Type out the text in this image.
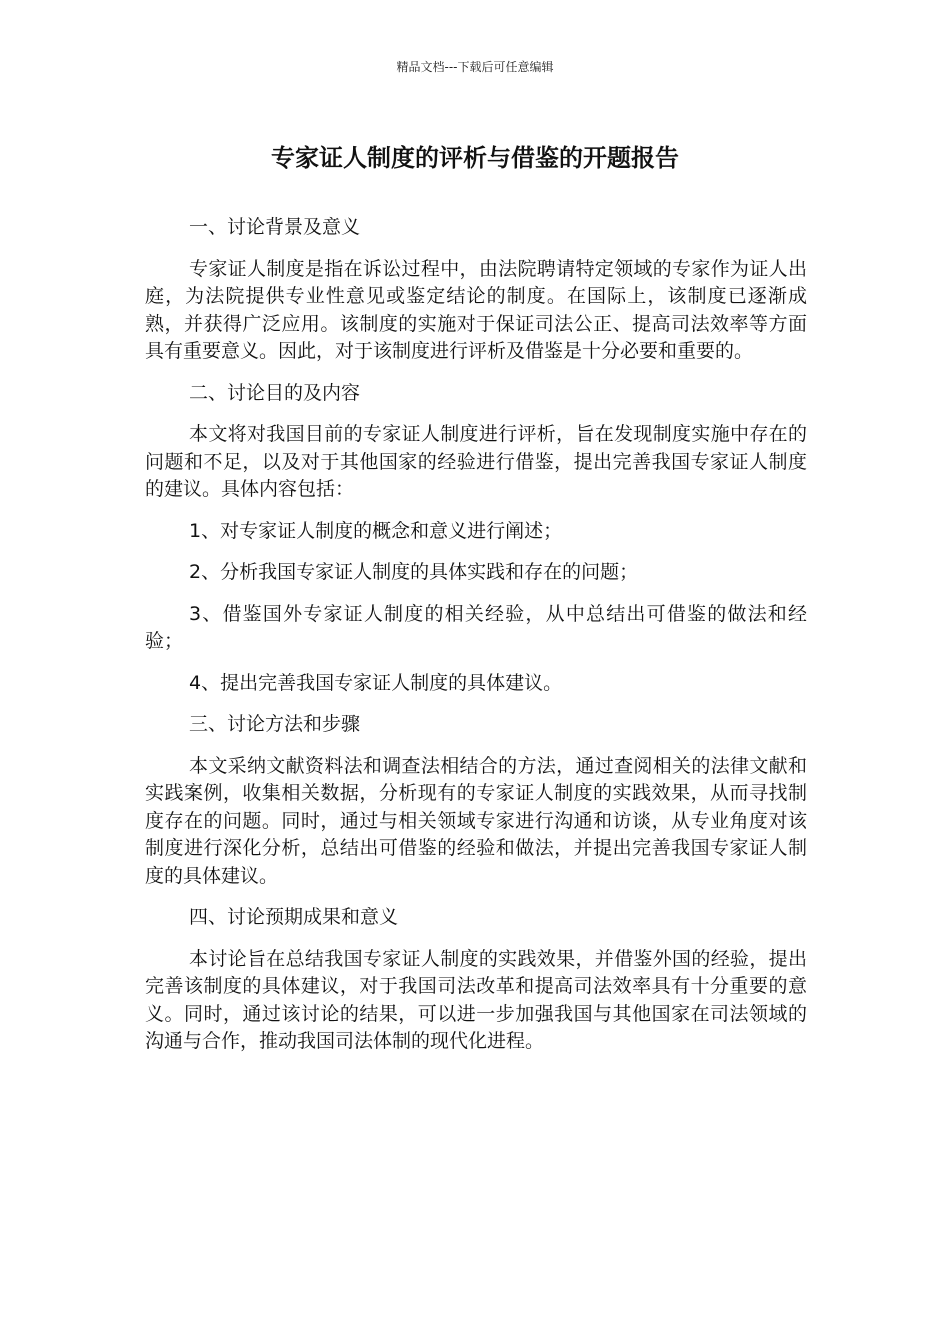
精品文档---下载后可任意编辑
专家证人制度的评析与借鉴的开题报告

一、讨论背景及意义

专家证人制度是指在诉讼过程中，由法院聘请特定领域的专家作为证人出庭，为法院提供专业性意见或鉴定结论的制度。在国际上，该制度已逐渐成熟，并获得广泛应用。该制度的实施对于保证司法公正、提高司法效率等方面具有重要意义。因此，对于该制度进行评析及借鉴是十分必要和重要的。

二、讨论目的及内容

本文将对我国目前的专家证人制度进行评析，旨在发现制度实施中存在的问题和不足，以及对于其他国家的经验进行借鉴，提出完善我国专家证人制度的建议。具体内容包括：

1、对专家证人制度的概念和意义进行阐述；

2、分析我国专家证人制度的具体实践和存在的问题；

3、借鉴国外专家证人制度的相关经验，从中总结出可借鉴的做法和经验；

4、提出完善我国专家证人制度的具体建议。

三、讨论方法和步骤

本文采纳文献资料法和调查法相结合的方法，通过查阅相关的法律文献和实践案例，收集相关数据，分析现有的专家证人制度的实践效果，从而寻找制度存在的问题。同时，通过与相关领域专家进行沟通和访谈，从专业角度对该制度进行深化分析，总结出可借鉴的经验和做法，并提出完善我国专家证人制度的具体建议。

四、讨论预期成果和意义

本讨论旨在总结我国专家证人制度的实践效果，并借鉴外国的经验，提出完善该制度的具体建议，对于我国司法改革和提高司法效率具有十分重要的意义。同时，通过该讨论的结果，可以进一步加强我国与其他国家在司法领域的沟通与合作，推动我国司法体制的现代化进程。
